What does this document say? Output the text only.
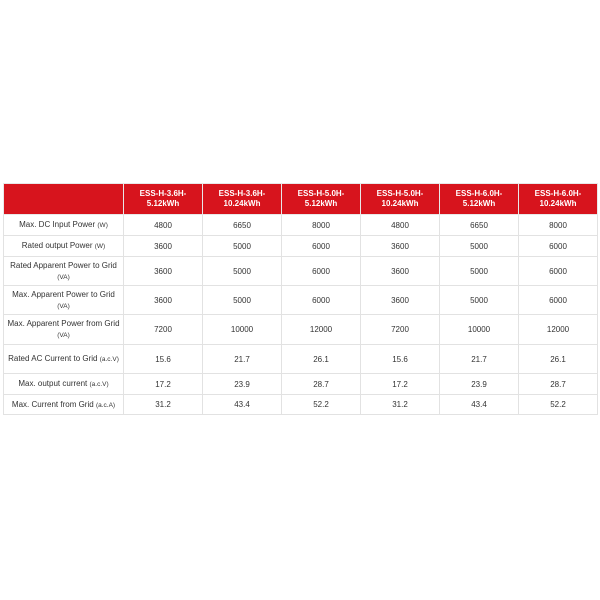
	ESS-H-3.6H-5.12kWh	ESS-H-3.6H-10.24kWh	ESS-H-5.0H-5.12kWh	ESS-H-5.0H-10.24kWh	ESS-H-6.0H-5.12kWh	ESS-H-6.0H-10.24kWh
Max. DC Input Power (W)	4800	6650	8000	4800	6650	8000
Rated output Power (W)	3600	5000	6000	3600	5000	6000
Rated Apparent Power to Grid (VA)	3600	5000	6000	3600	5000	6000
Max. Apparent Power to Grid (VA)	3600	5000	6000	3600	5000	6000
Max. Apparent Power from Grid (VA)	7200	10000	12000	7200	10000	12000
Rated AC Current to Grid (a.c.V)	15.6	21.7	26.1	15.6	21.7	26.1
Max. output current (a.c.V)	17.2	23.9	28.7	17.2	23.9	28.7
Max. Current from Grid (a.c.A)	31.2	43.4	52.2	31.2	43.4	52.2
